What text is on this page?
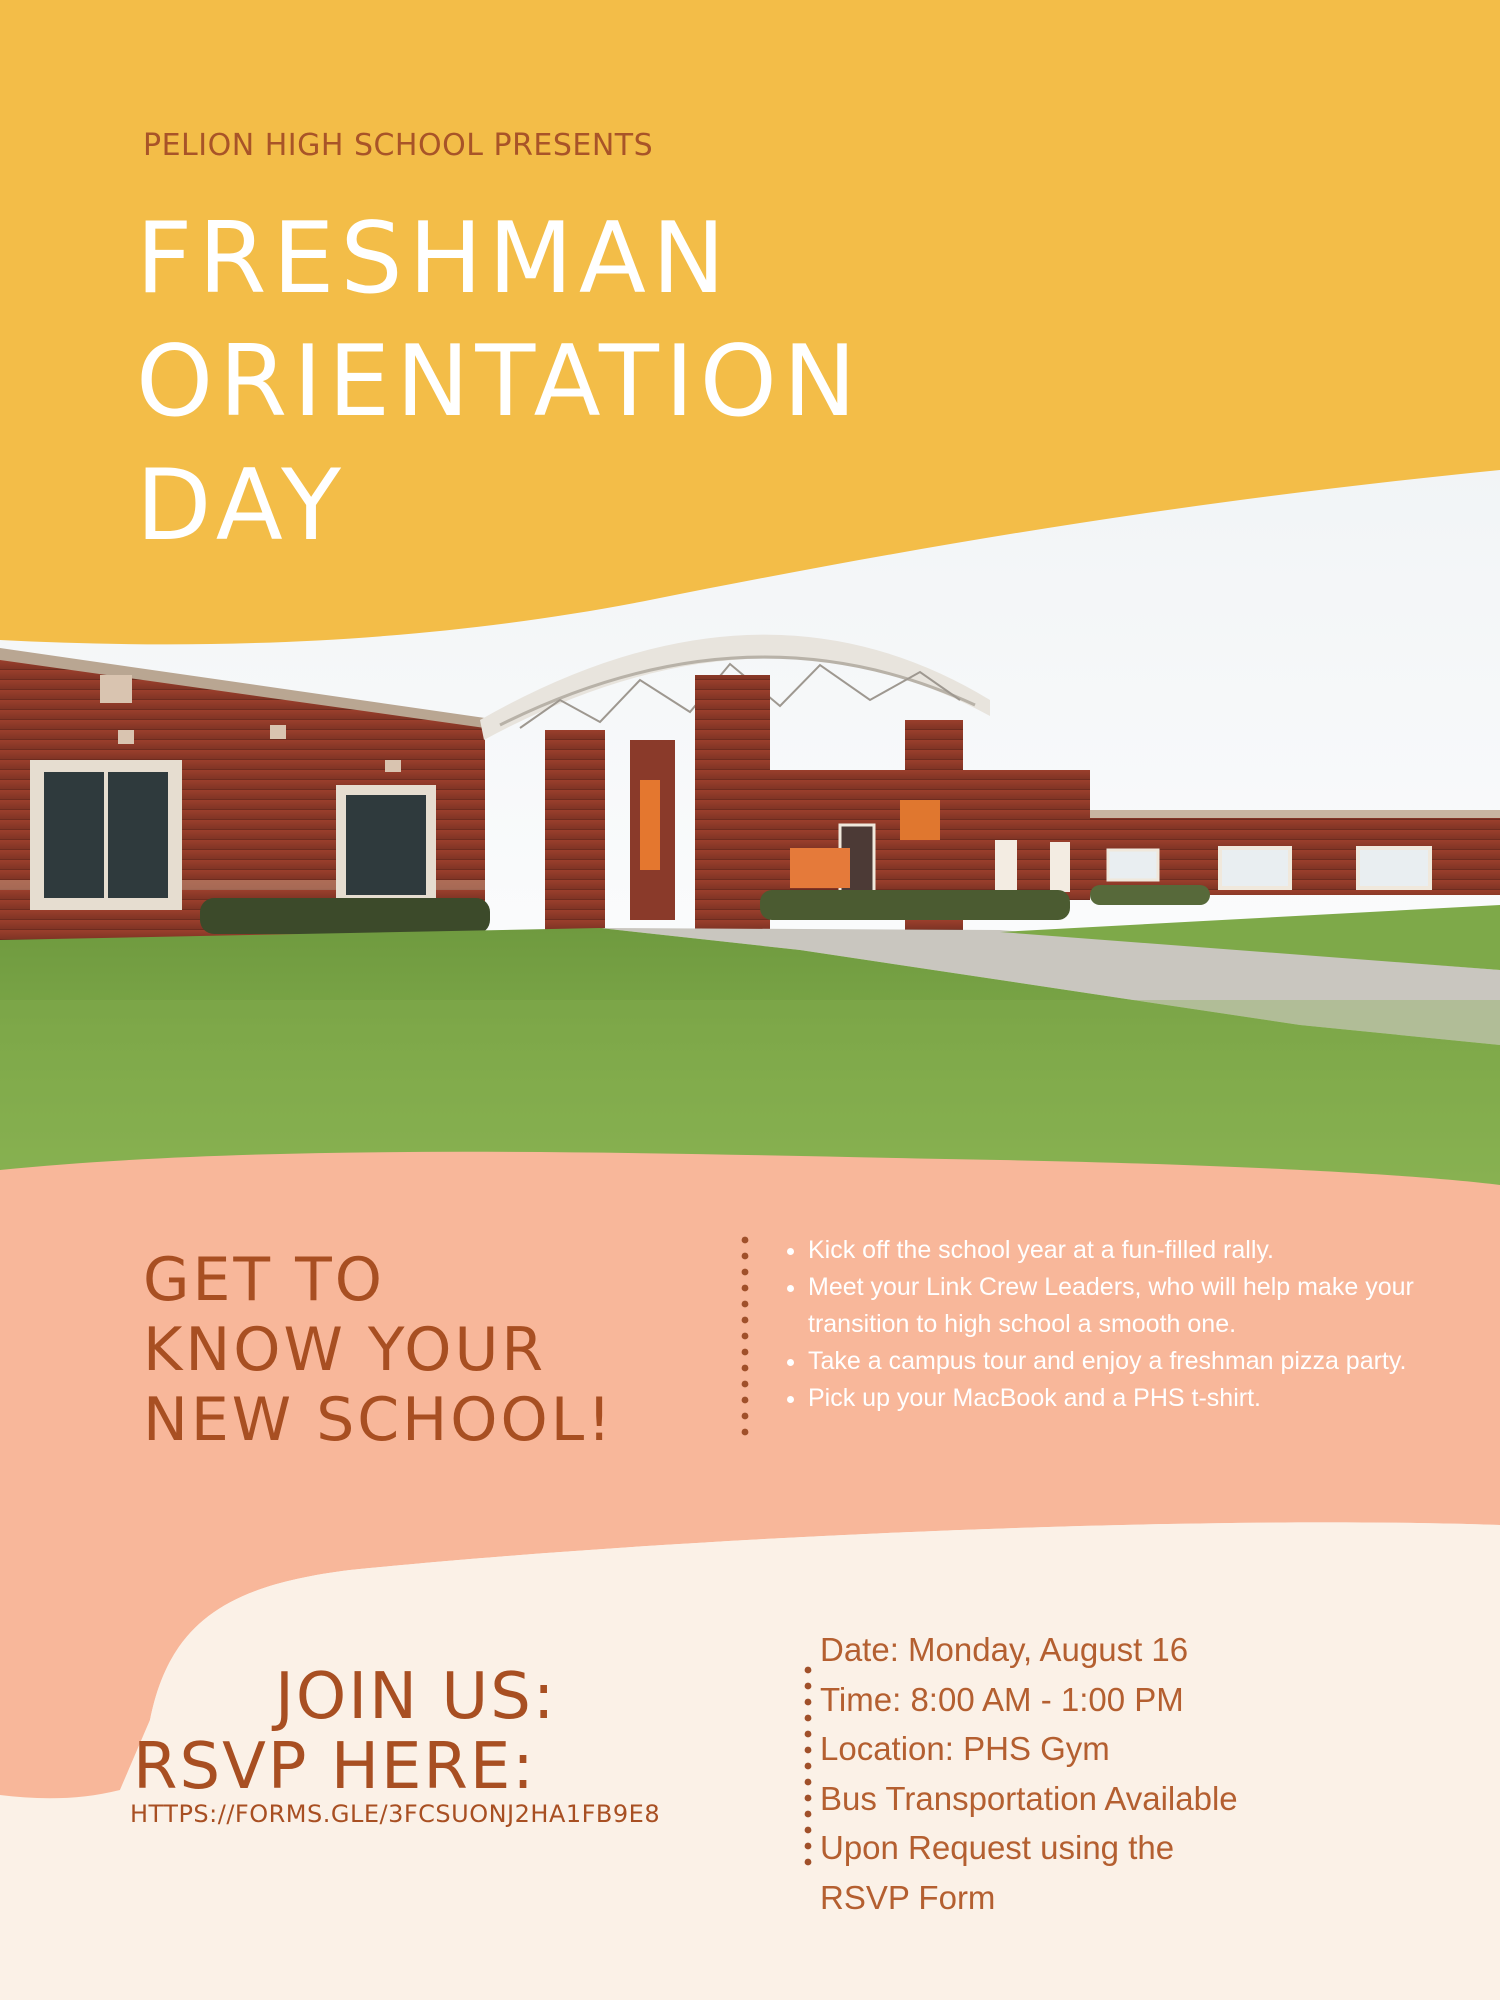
PELION HIGH SCHOOL PRESENTS

FRESHMAN
ORIENTATION
DAY
GET TO
KNOW YOUR
NEW SCHOOL!
• Kick off the school year at a fun-filled rally.
• Meet your Link Crew Leaders, who will help make your transition to high school a smooth one.
• Take a campus tour and enjoy a freshman pizza party.
• Pick up your MacBook and a PHS t-shirt.
JOIN US:
RSVP HERE:
HTTPS://FORMS.GLE/3FCSUONJ2HA1FB9E8
Date: Monday, August 16
Time: 8:00 AM - 1:00 PM
Location: PHS Gym
Bus Transportation Available
Upon Request using the
RSVP Form
